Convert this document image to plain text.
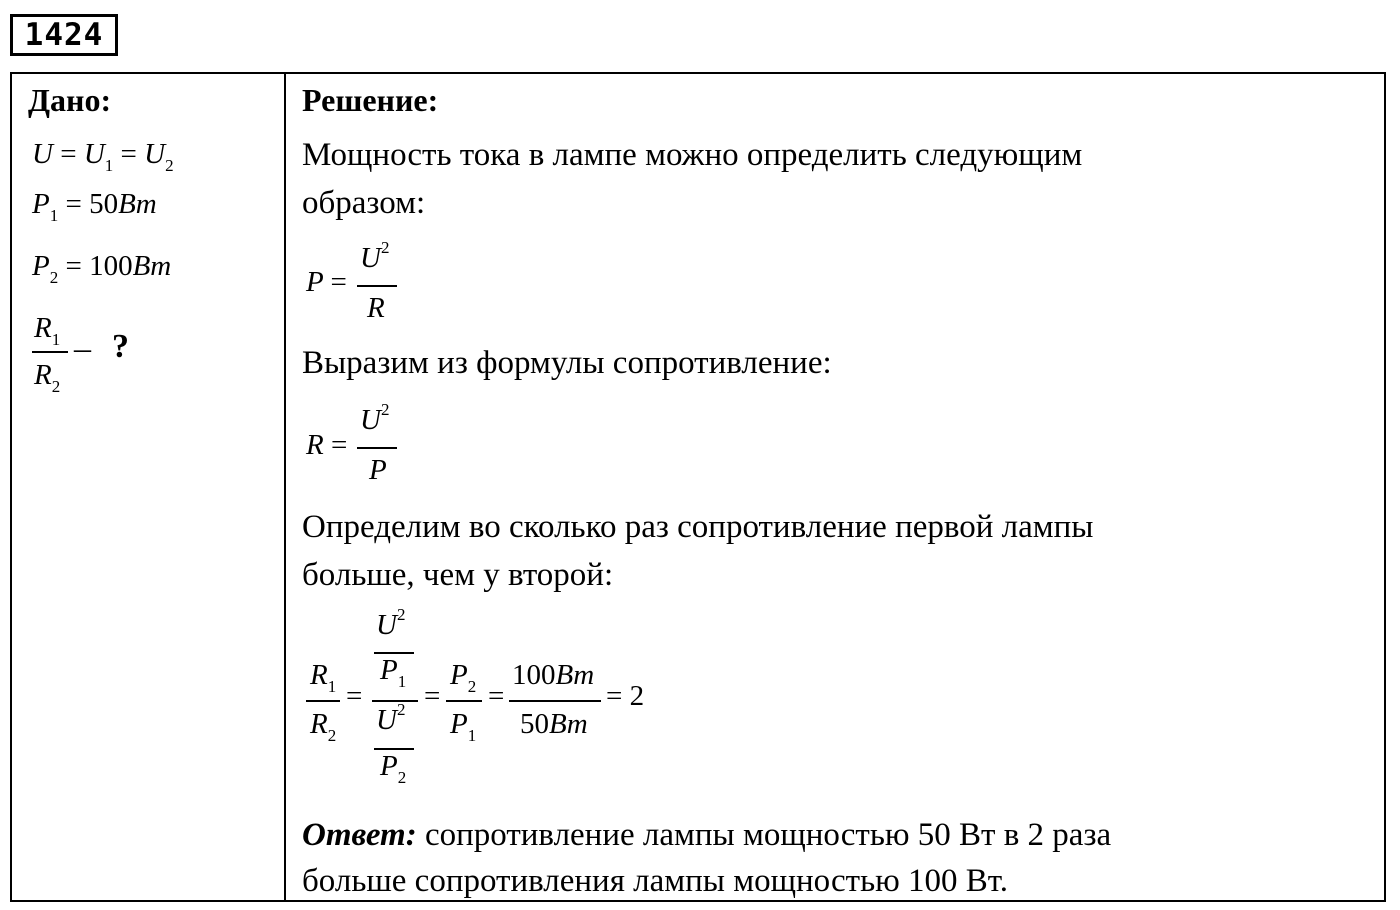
1424
Дано:
$U = U_1 = U_2$
$P_1 = 50Bm$
$P_2 = 100Bm$
$R_1$
$R_2$
– ?
Решение:
Мощность тока в лампе можно определить следующим
образом:
P =
$U^2$
R
Выразим из формулы сопротивление:
R =
$U^2$
P
Определим во сколько раз сопротивление первой лампы
больше, чем у второй:
$R_1$
$R_2$
=
$U^2$
$P_1$
$U^2$
$P_2$
=
$P_2$
$P_1$
=
100Bm
50Bm
= 2
Ответ: сопротивление лампы мощностью 50 Вт в 2 раза
больше сопротивления лампы мощностью 100 Вт.
